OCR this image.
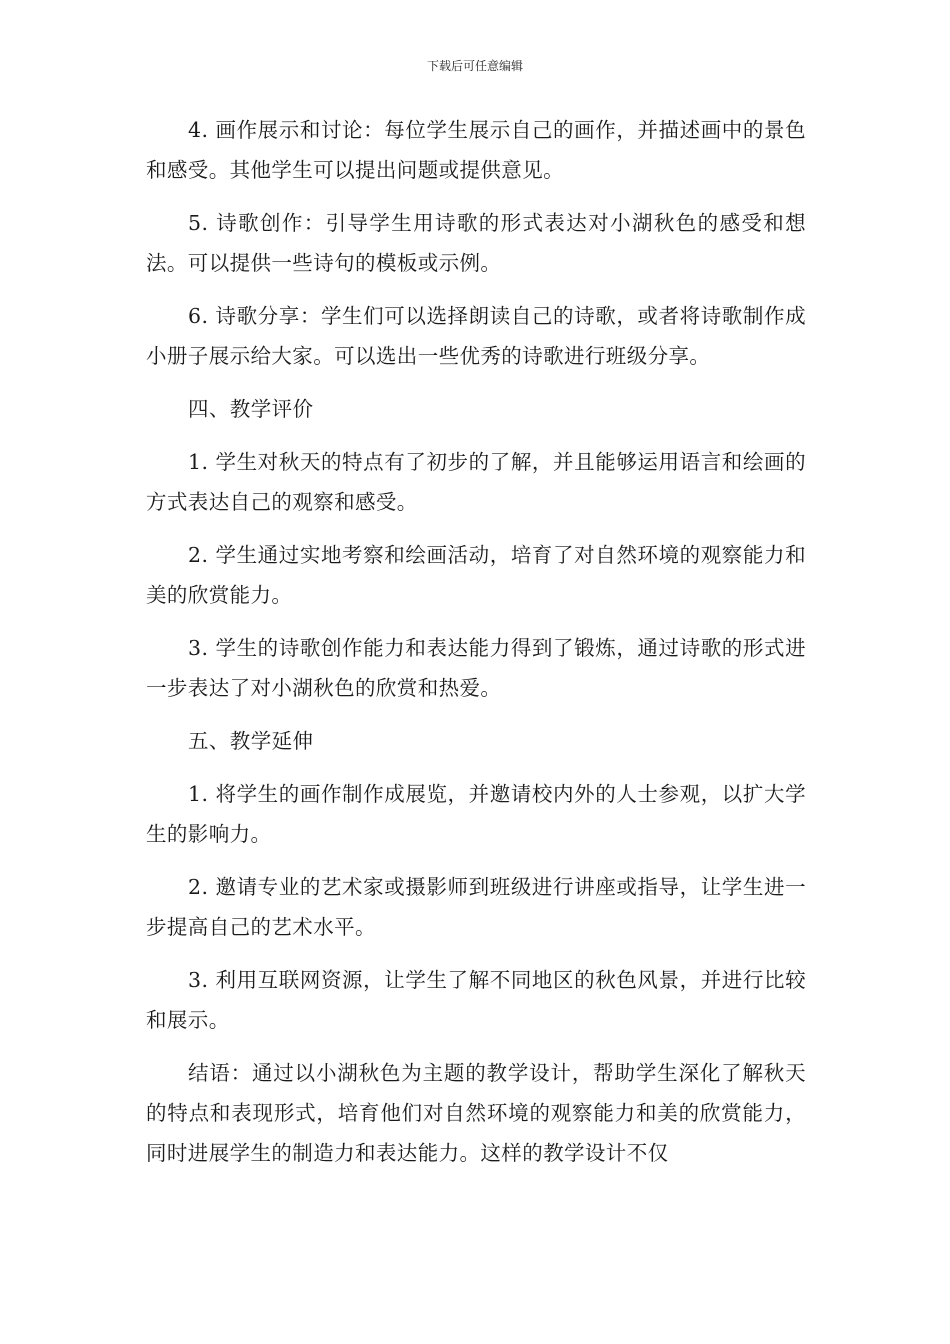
下载后可任意编辑

4. 画作展示和讨论：每位学生展示自己的画作，并描述画中的景色和感受。其他学生可以提出问题或提供意见。

5. 诗歌创作：引导学生用诗歌的形式表达对小湖秋色的感受和想法。可以提供一些诗句的模板或示例。

6. 诗歌分享：学生们可以选择朗读自己的诗歌，或者将诗歌制作成小册子展示给大家。可以选出一些优秀的诗歌进行班级分享。

四、教学评价

1. 学生对秋天的特点有了初步的了解，并且能够运用语言和绘画的方式表达自己的观察和感受。

2. 学生通过实地考察和绘画活动，培育了对自然环境的观察能力和美的欣赏能力。

3. 学生的诗歌创作能力和表达能力得到了锻炼，通过诗歌的形式进一步表达了对小湖秋色的欣赏和热爱。

五、教学延伸

1. 将学生的画作制作成展览，并邀请校内外的人士参观，以扩大学生的影响力。

2. 邀请专业的艺术家或摄影师到班级进行讲座或指导，让学生进一步提高自己的艺术水平。

3. 利用互联网资源，让学生了解不同地区的秋色风景，并进行比较和展示。

结语：通过以小湖秋色为主题的教学设计，帮助学生深化了解秋天的特点和表现形式，培育他们对自然环境的观察能力和美的欣赏能力，同时进展学生的制造力和表达能力。这样的教学设计不仅
